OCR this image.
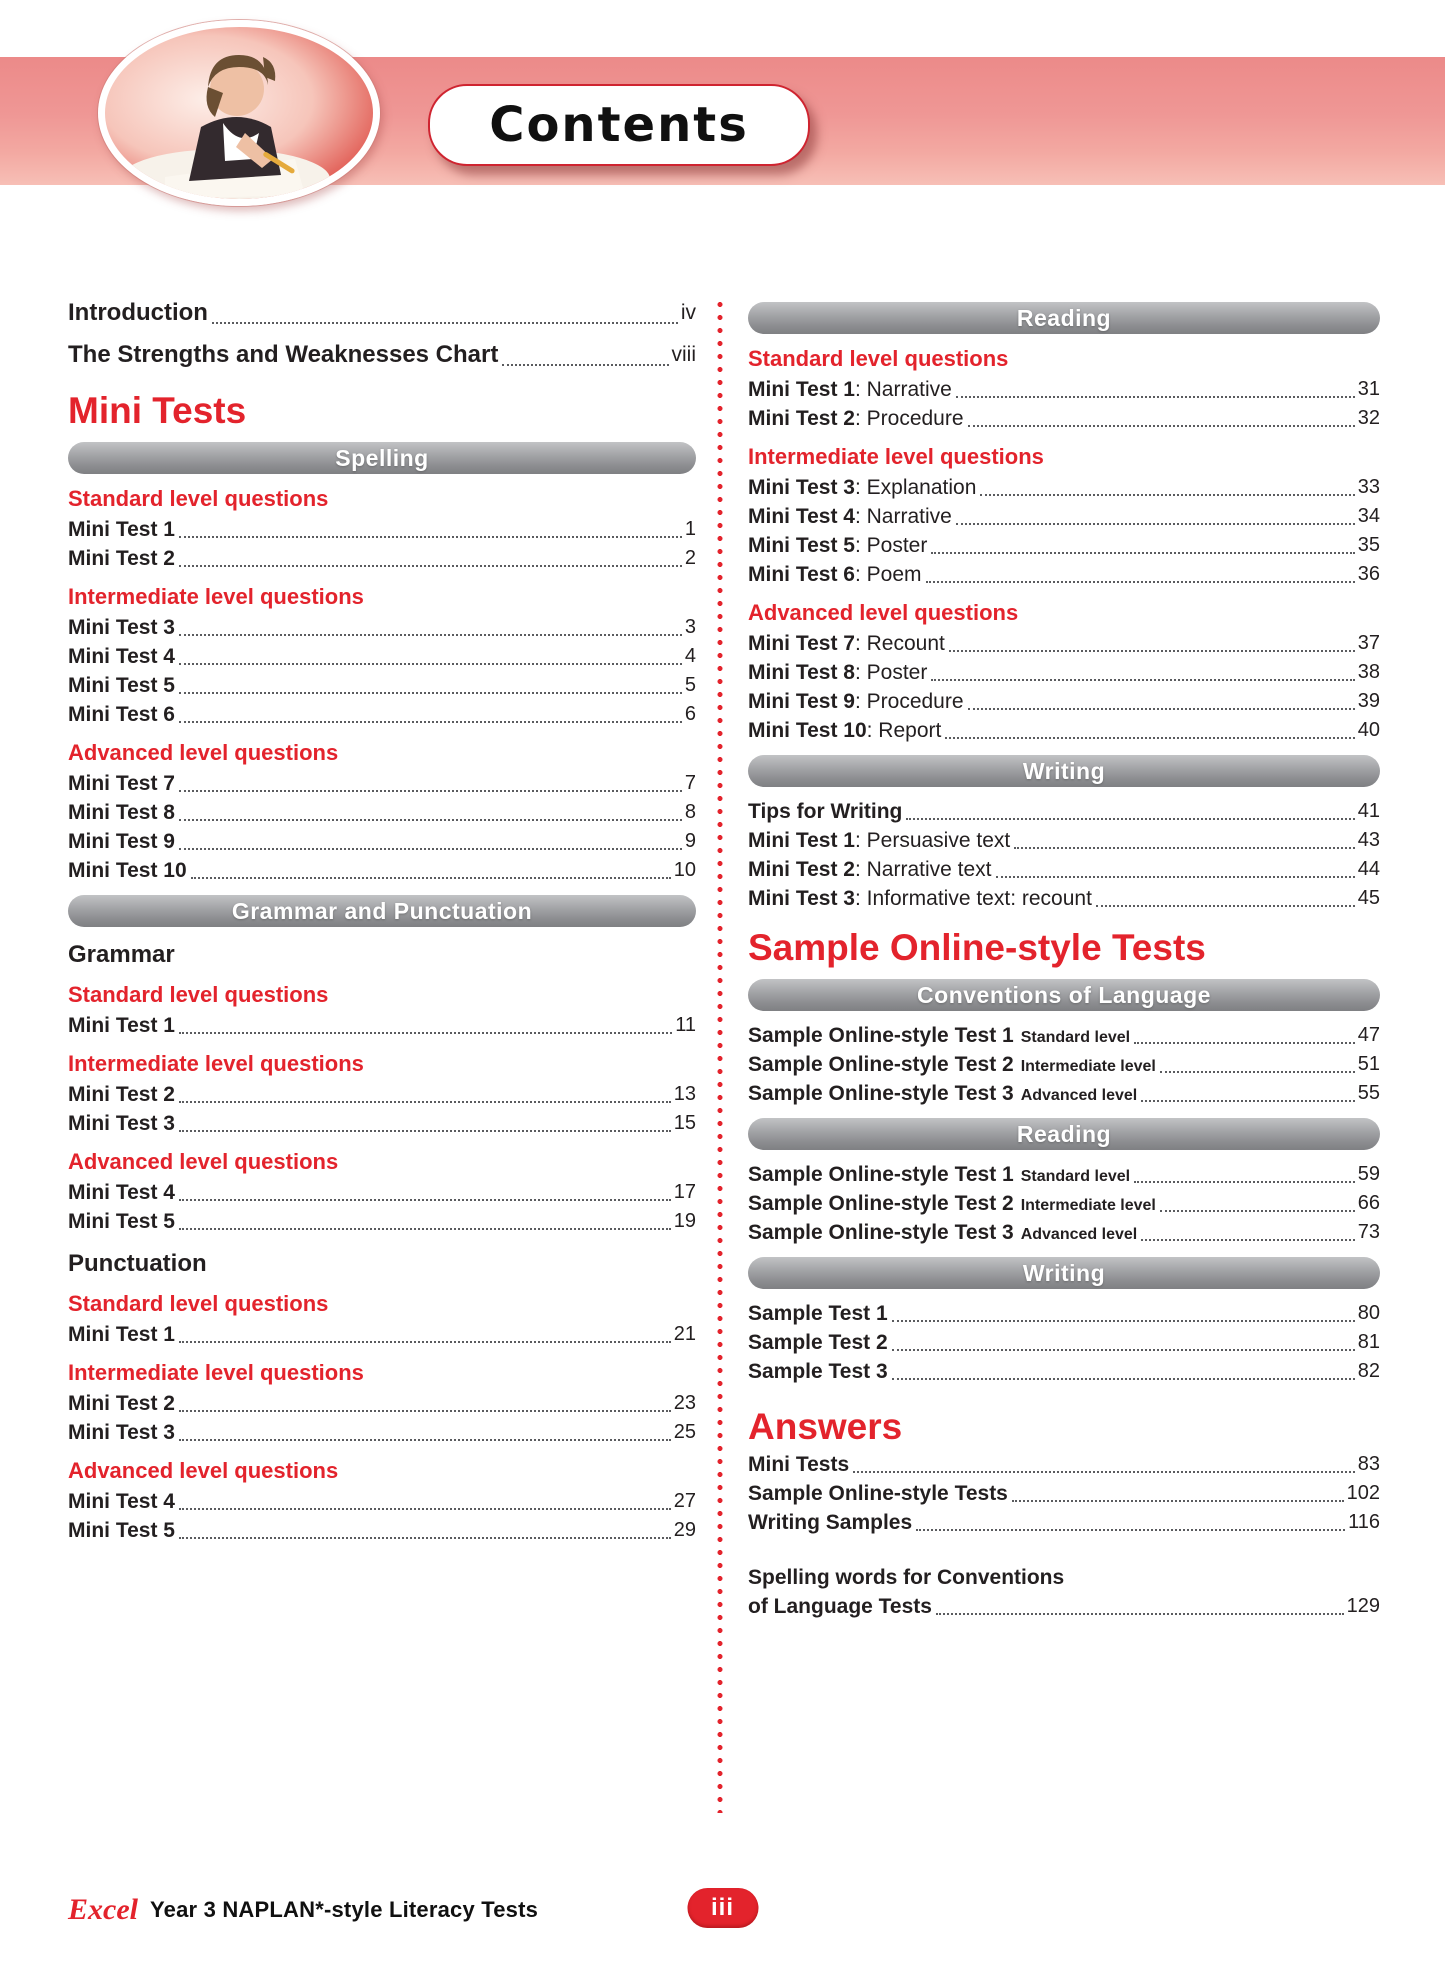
Contents
Introduction	iv
The Strengths and Weaknesses Chart	viii
Mini Tests
Spelling
Standard level questions
Mini Test 1	1
Mini Test 2	2
Intermediate level questions
Mini Test 3	3
Mini Test 4	4
Mini Test 5	5
Mini Test 6	6
Advanced level questions
Mini Test 7	7
Mini Test 8	8
Mini Test 9	9
Mini Test 10	10
Grammar and Punctuation
Grammar
Standard level questions
Mini Test 1	11
Intermediate level questions
Mini Test 2	13
Mini Test 3	15
Advanced level questions
Mini Test 4	17
Mini Test 5	19
Punctuation
Standard level questions
Mini Test 1	21
Intermediate level questions
Mini Test 2	23
Mini Test 3	25
Advanced level questions
Mini Test 4	27
Mini Test 5	29
Reading
Standard level questions
Mini Test 1 : Narrative	31
Mini Test 2 : Procedure	32
Intermediate level questions
Mini Test 3 : Explanation	33
Mini Test 4 : Narrative	34
Mini Test 5 : Poster	35
Mini Test 6 : Poem	36
Advanced level questions
Mini Test 7 : Recount	37
Mini Test 8 : Poster	38
Mini Test 9 : Procedure	39
Mini Test 10 : Report	40
Writing
Tips for Writing	41
Mini Test 1 : Persuasive text	43
Mini Test 2 : Narrative text	44
Mini Test 3 : Informative text: recount	45
Sample Online-style Tests
Conventions of Language
Sample Online-style Test 1 Standard level	47
Sample Online-style Test 2 Intermediate level	51
Sample Online-style Test 3 Advanced level	55
Reading
Sample Online-style Test 1 Standard level	59
Sample Online-style Test 2 Intermediate level	66
Sample Online-style Test 3 Advanced level	73
Writing
Sample Test 1	80
Sample Test 2	81
Sample Test 3	82
Answers
Mini Tests	83
Sample Online-style Tests	102
Writing Samples	116
Spelling words for Conventions
of Language Tests	129
Excel Year 3 NAPLAN*-style Literacy Tests	iii
